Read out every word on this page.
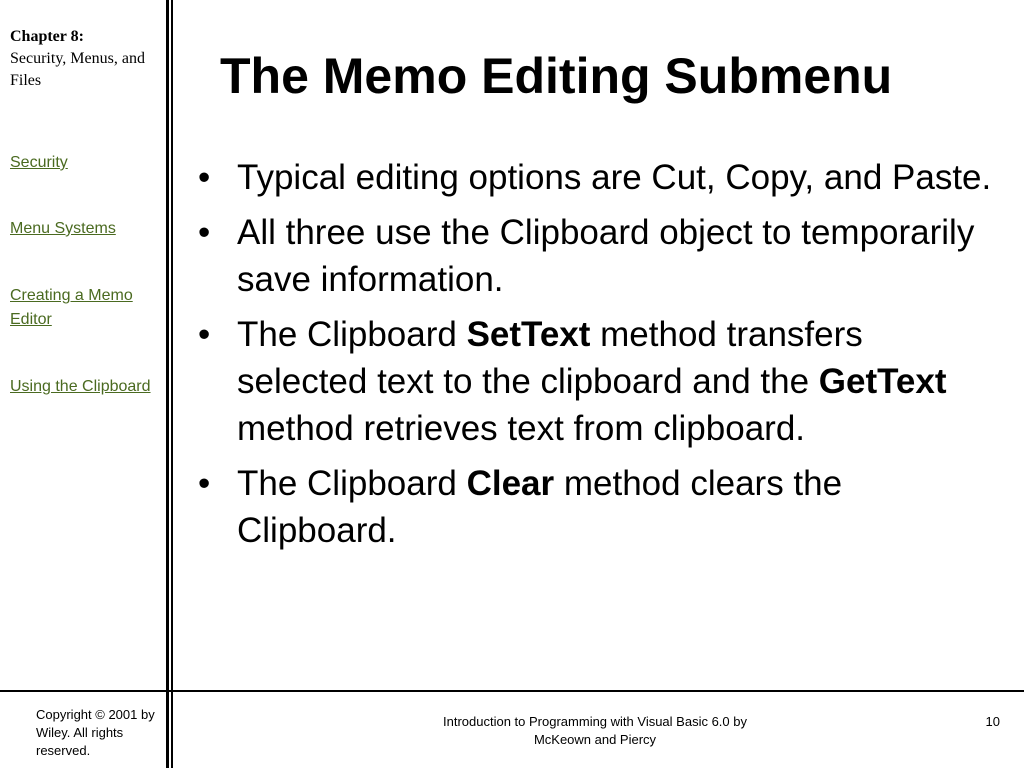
Chapter 8:
Security, Menus, and Files
Security
Menu Systems
Creating a Memo Editor
Using the Clipboard
The Memo Editing Submenu
• Typical editing options are Cut, Copy, and Paste.
• All three use the Clipboard object to temporarily save information.
• The Clipboard SetText method transfers selected text to the clipboard and the GetText method retrieves text from clipboard.
• The Clipboard Clear method clears the Clipboard.
Copyright © 2001 by Wiley. All rights reserved.
Introduction to Programming with Visual Basic 6.0 by McKeown and Piercy
10
